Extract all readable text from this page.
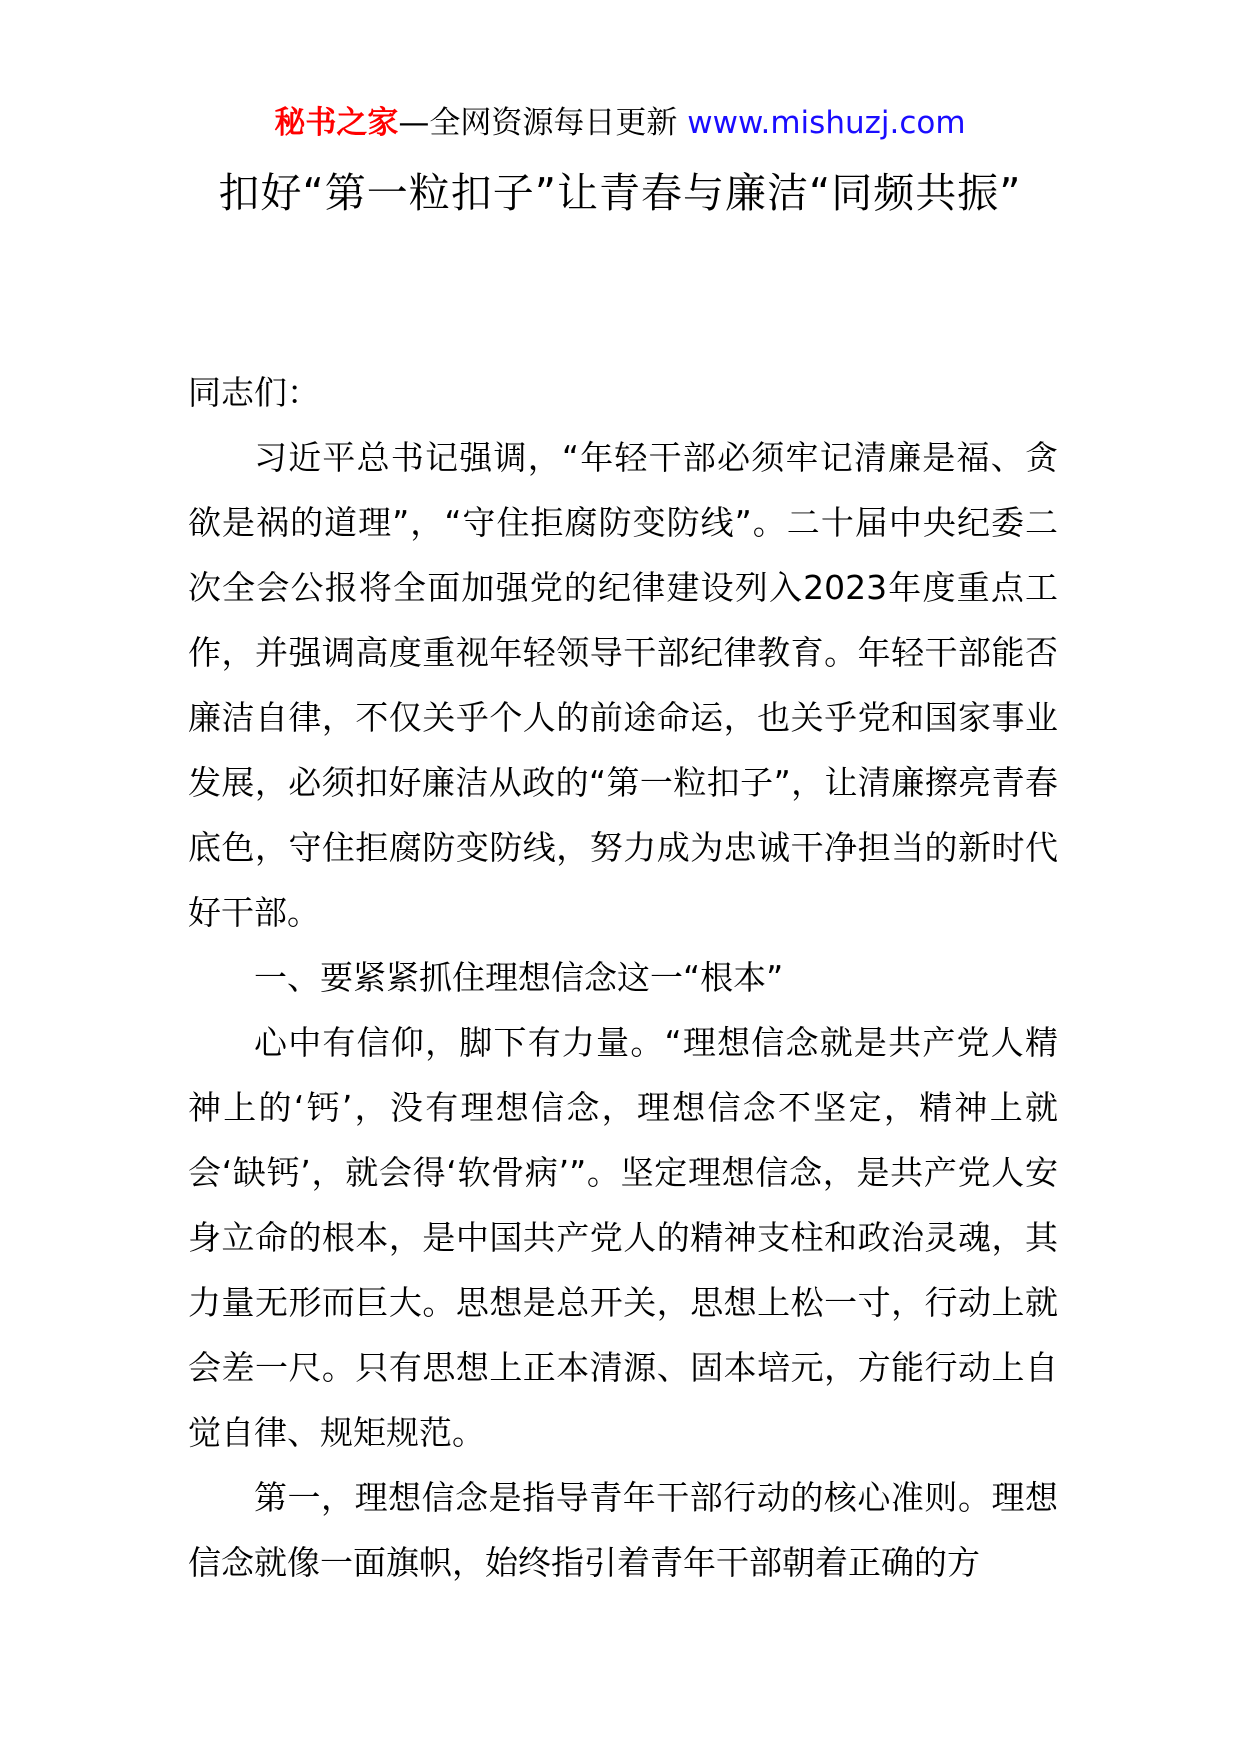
秘书之家—全网资源每日更新 www.mishuzj.com
扣好“第一粒扣子”让青春与廉洁“同频共振”

同志们：

习近平总书记强调，“年轻干部必须牢记清廉是福、贪欲是祸的道理”，“守住拒腐防变防线”。二十届中央纪委二次全会公报将全面加强党的纪律建设列入2023年度重点工作，并强调高度重视年轻领导干部纪律教育。年轻干部能否廉洁自律，不仅关乎个人的前途命运，也关乎党和国家事业发展，必须扣好廉洁从政的“第一粒扣子”，让清廉擦亮青春底色，守住拒腐防变防线，努力成为忠诚干净担当的新时代好干部。

一、要紧紧抓住理想信念这一“根本”

心中有信仰，脚下有力量。“理想信念就是共产党人精神上的‘钙’，没有理想信念，理想信念不坚定，精神上就会‘缺钙’，就会得‘软骨病’”。坚定理想信念，是共产党人安身立命的根本，是中国共产党人的精神支柱和政治灵魂，其力量无形而巨大。思想是总开关，思想上松一寸，行动上就会差一尺。只有思想上正本清源、固本培元，方能行动上自觉自律、规矩规范。

第一，理想信念是指导青年干部行动的核心准则。理想信念就像一面旗帜，始终指引着青年干部朝着正确的方
